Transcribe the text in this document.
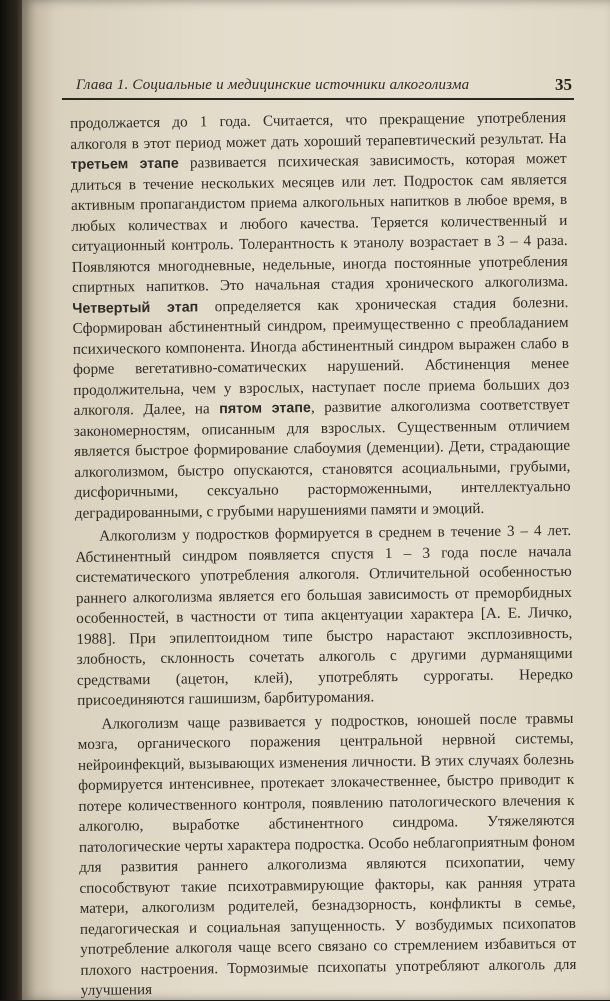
Глава 1. Социальные и медицинские источники алкоголизма	35

продолжается до 1 года. Считается, что прекращение употребления алкоголя в этот период может дать хороший терапевтический результат. На третьем этапе развивается психическая зависимость, которая может длиться в течение нескольких месяцев или лет. Подросток сам является активным пропагандистом приема алкогольных напитков в любое время, в любых количествах и любого качества. Теряется количественный и ситуационный контроль. Толерантность к этанолу возрастает в 3 – 4 раза. Появляются многодневные, недельные, иногда постоянные употребления спиртных напитков. Это начальная стадия хронического алкоголизма. Четвертый этап определяется как хроническая стадия болезни. Сформирован абстинентный синдром, преимущественно с преобладанием психического компонента. Иногда абстинентный синдром выражен слабо в форме вегетативно-соматических нарушений. Абстиненция менее продолжительна, чем у взрослых, наступает после приема больших доз алкоголя. Далее, на пятом этапе, развитие алкоголизма соответствует закономерностям, описанным для взрослых. Существенным отличием является быстрое формирование слабоумия (деменции). Дети, страдающие алкоголизмом, быстро опускаются, становятся асоциальными, грубыми, дисфоричными, сексуально расторможенными, интеллектуально деградированными, с грубыми нарушениями памяти и эмоций.

Алкоголизм у подростков формируется в среднем в течение 3 – 4 лет. Абстинентный синдром появляется спустя 1 – 3 года после начала систематического употребления алкоголя. Отличительной особенностью раннего алкоголизма является его большая зависимость от преморбидных особенностей, в частности от типа акцентуации характера [А. Е. Личко, 1988]. При эпилептоидном типе быстро нарастают эксплозивность, злобность, склонность сочетать алкоголь с другими дурманящими средствами (ацетон, клей), употреблять суррогаты. Нередко присоединяются гашишизм, барбитуромания.

Алкоголизм чаще развивается у подростков, юношей после травмы мозга, органического поражения центральной нервной системы, нейроинфекций, вызывающих изменения личности. В этих случаях болезнь формируется интенсивнее, протекает злокачественнее, быстро приводит к потере количественного контроля, появлению патологического влечения к алкоголю, выработке абстинентного синдрома. Утяжеляются патологические черты характера подростка. Особо неблагоприятным фоном для развития раннего алкоголизма являются психопатии, чему способствуют такие психотравмирующие факторы, как ранняя утрата матери, алкоголизм родителей, безнадзорность, конфликты в семье, педагогическая и социальная запущенность. У возбудимых психопатов употребление алкоголя чаще всего связано со стремлением избавиться от плохого настроения. Тормозимые психопаты употребляют алкоголь для улучшения
